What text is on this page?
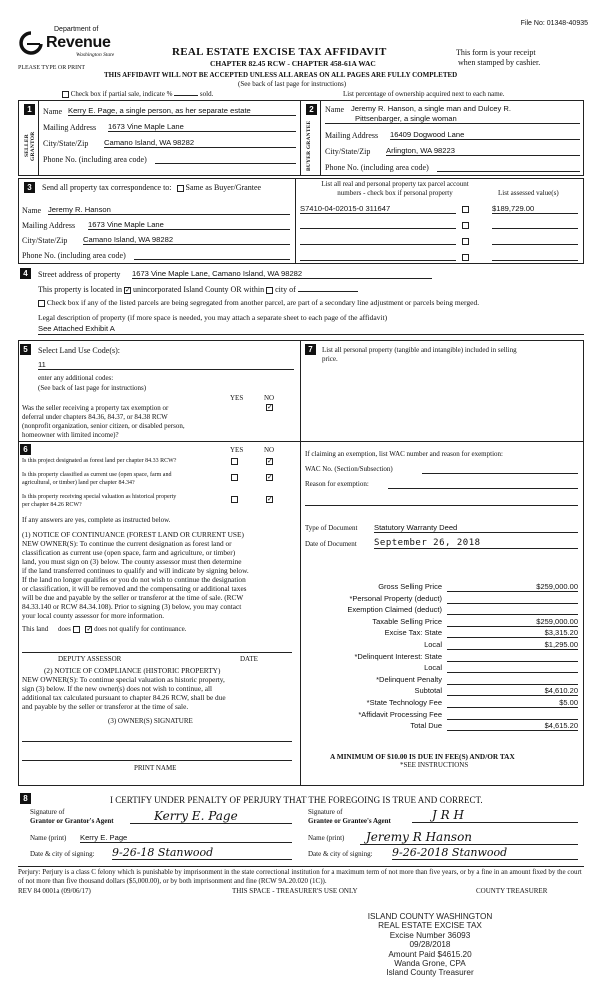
File No: 01348-40935
Department of
Revenue
Washington State
PLEASE TYPE OR PRINT
REAL ESTATE EXCISE TAX AFFIDAVIT
CHAPTER 82.45 RCW - CHAPTER 458-61A WAC
This form is your receipt
when stamped by cashier.
THIS AFFIDAVIT WILL NOT BE ACCEPTED UNLESS ALL AREAS ON ALL PAGES ARE FULLY COMPLETED
(See back of last page for instructions)
Check box if partial sale, indicate %	sold.	List percentage of ownership acquired next to each name.
1
SELLER GRANTOR
Name Kerry E. Page, a single person, as her separate estate
Mailing Address 1673 Vine Maple Lane
City/State/Zip Camano Island, WA 98282
Phone No. (including area code)
2
BUYER GRANTEE
Name Jeremy R. Hanson, a single man and Dulcey R.
Pittsenbarger, a single woman
Mailing Address 16409 Dogwood Lane
City/State/Zip Arlington, WA 98223
Phone No. (including area code)
3	Send all property tax correspondence to: Same as Buyer/Grantee
Name Jeremy R. Hanson
Mailing Address 1673 Vine Maple Lane
City/State/Zip Camano Island, WA 98282
Phone No. (including area code)
List all real and personal property tax parcel account
numbers - check box if personal property	List assessed value(s)
S7410-04-02015-0 311647	$189,729.00
4	Street address of property 1673 Vine Maple Lane, Camano Island, WA 98282
This property is located in ✓ unincorporated Island County OR within city of
Check box if any of the listed parcels are being segregated from another parcel, are part of a secondary line adjustment or parcels being merged.
Legal description of property (if more space is needed, you may attach a separate sheet to each page of the affidavit)
See Attached Exhibit A
5	Select Land Use Code(s):
11
enter any additional codes:
(See back of last page for instructions)
YES	NO
Was the seller receiving a property tax exemption or
deferral under chapters 84.36, 84.37, or 84.38 RCW
(nonprofit organization, senior citizen, or disabled person,
homeowner with limited income)?
✓
6	YES	NO
Is this project designated as forest land per chapter 84.33 RCW?	✓
Is this property classified as current use (open space, farm and
agricultural, or timber) land per chapter 84.34?
✓
Is this property receiving special valuation as historical property
per chapter 84.26 RCW?
✓
If any answers are yes, complete as instructed below.
(1) NOTICE OF CONTINUANCE (FOREST LAND OR CURRENT USE)
NEW OWNER(S): To continue the current designation as forest land or
classification as current use (open space, farm and agriculture, or timber)
land, you must sign on (3) below. The county assessor must then determine
if the land transferred continues to qualify and will indicate by signing below.
If the land no longer qualifies or you do not wish to continue the designation
or classification, it will be removed and the compensating or additional taxes
will be due and payable by the seller or transferor at the time of sale. (RCW
84.33.140 or RCW 84.34.108). Prior to signing (3) below, you may contact
your local county assessor for more information.
This land does ✓ does not qualify for continuance.
DEPUTY ASSESSOR	DATE
(2) NOTICE OF COMPLIANCE (HISTORIC PROPERTY)
NEW OWNER(S): To continue special valuation as historic property,
sign (3) below. If the new owner(s) does not wish to continue, all
additional tax calculated pursuant to chapter 84.26 RCW, shall be due
and payable by the seller or transferor at the time of sale.
(3) OWNER(S) SIGNATURE
PRINT NAME
7	List all personal property (tangible and intangible) included in selling
price.
If claiming an exemption, list WAC number and reason for exemption:
WAC No. (Section/Subsection)
Reason for exemption:
Type of Document Statutory Warranty Deed
Date of Document September 26, 2018
Gross Selling Price	$259,000.00
*Personal Property (deduct)
Exemption Claimed (deduct)
Taxable Selling Price	$259,000.00
Excise Tax: State	$3,315.20
Local	$1,295.00
*Delinquent Interest: State
Local
*Delinquent Penalty
Subtotal	$4,610.20
*State Technology Fee	$5.00
*Affidavit Processing Fee
Total Due	$4,615.20
A MINIMUM OF $10.00 IS DUE IN FEE(S) AND/OR TAX
*SEE INSTRUCTIONS
8	I CERTIFY UNDER PENALTY OF PERJURY THAT THE FOREGOING IS TRUE AND CORRECT.
Signature of
Grantor or Grantor's Agent	Kerry E. Page
Name (print) Kerry E. Page
Date & city of signing: 9-26-18 Stanwood
Signature of
Grantee or Grantee's Agent	J R H
Name (print)	Jeremy R Hanson
Date & city of signing: 9-26-2018 Stanwood
Perjury: Perjury is a class C felony which is punishable by imprisonment in the state correctional institution for a maximum term of not more than five years, or by a fine in an amount fixed by the court of not more than five thousand dollars ($5,000.00), or by both imprisonment and fine (RCW 9A.20.020 (1C)).
REV 84 0001a (09/06/17)	THIS SPACE - TREASURER'S USE ONLY	COUNTY TREASURER
ISLAND COUNTY WASHINGTON
REAL ESTATE EXCISE TAX
Excise Number 36093
09/28/2018
Amount Paid $4615.20
Wanda Grone, CPA
Island County Treasurer
